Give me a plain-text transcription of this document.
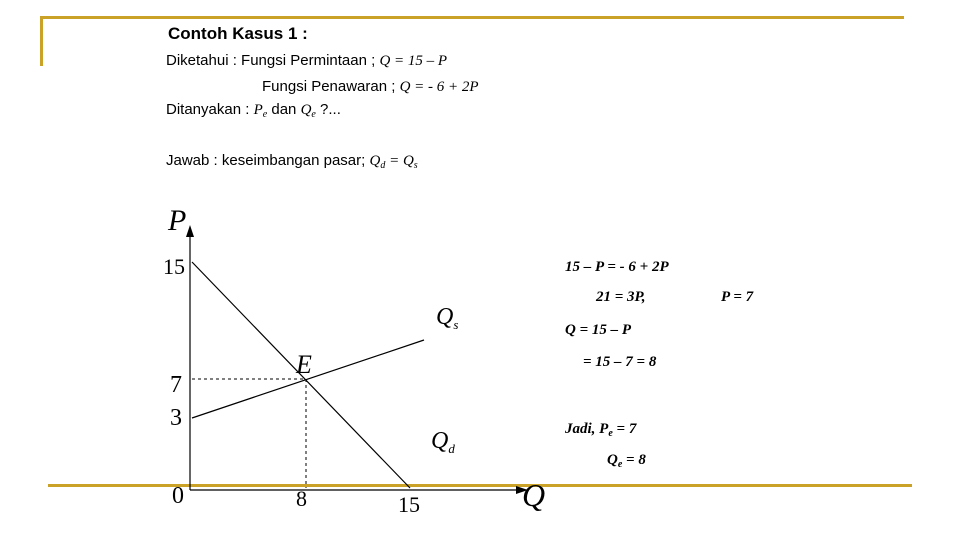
Contoh Kasus 1 :
Diketahui : Fungsi Permintaan ; Q = 15 – P
Fungsi Penawaran ; Q = - 6 + 2P
Ditanyakan : $P_e$ dan $Q_e$ ?...
Jawab : keseimbangan pasar; $Q_d = Q_s$
P
Q
0
15
7
3
8	15
E
$Q_s$
$Q_d$
15 – P = - 6 + 2P
21 = 3P,	P = 7
Q = 15 – P
= 15 – 7 = 8
Jadi, $P_e = 7$
$Q_e = 8$
